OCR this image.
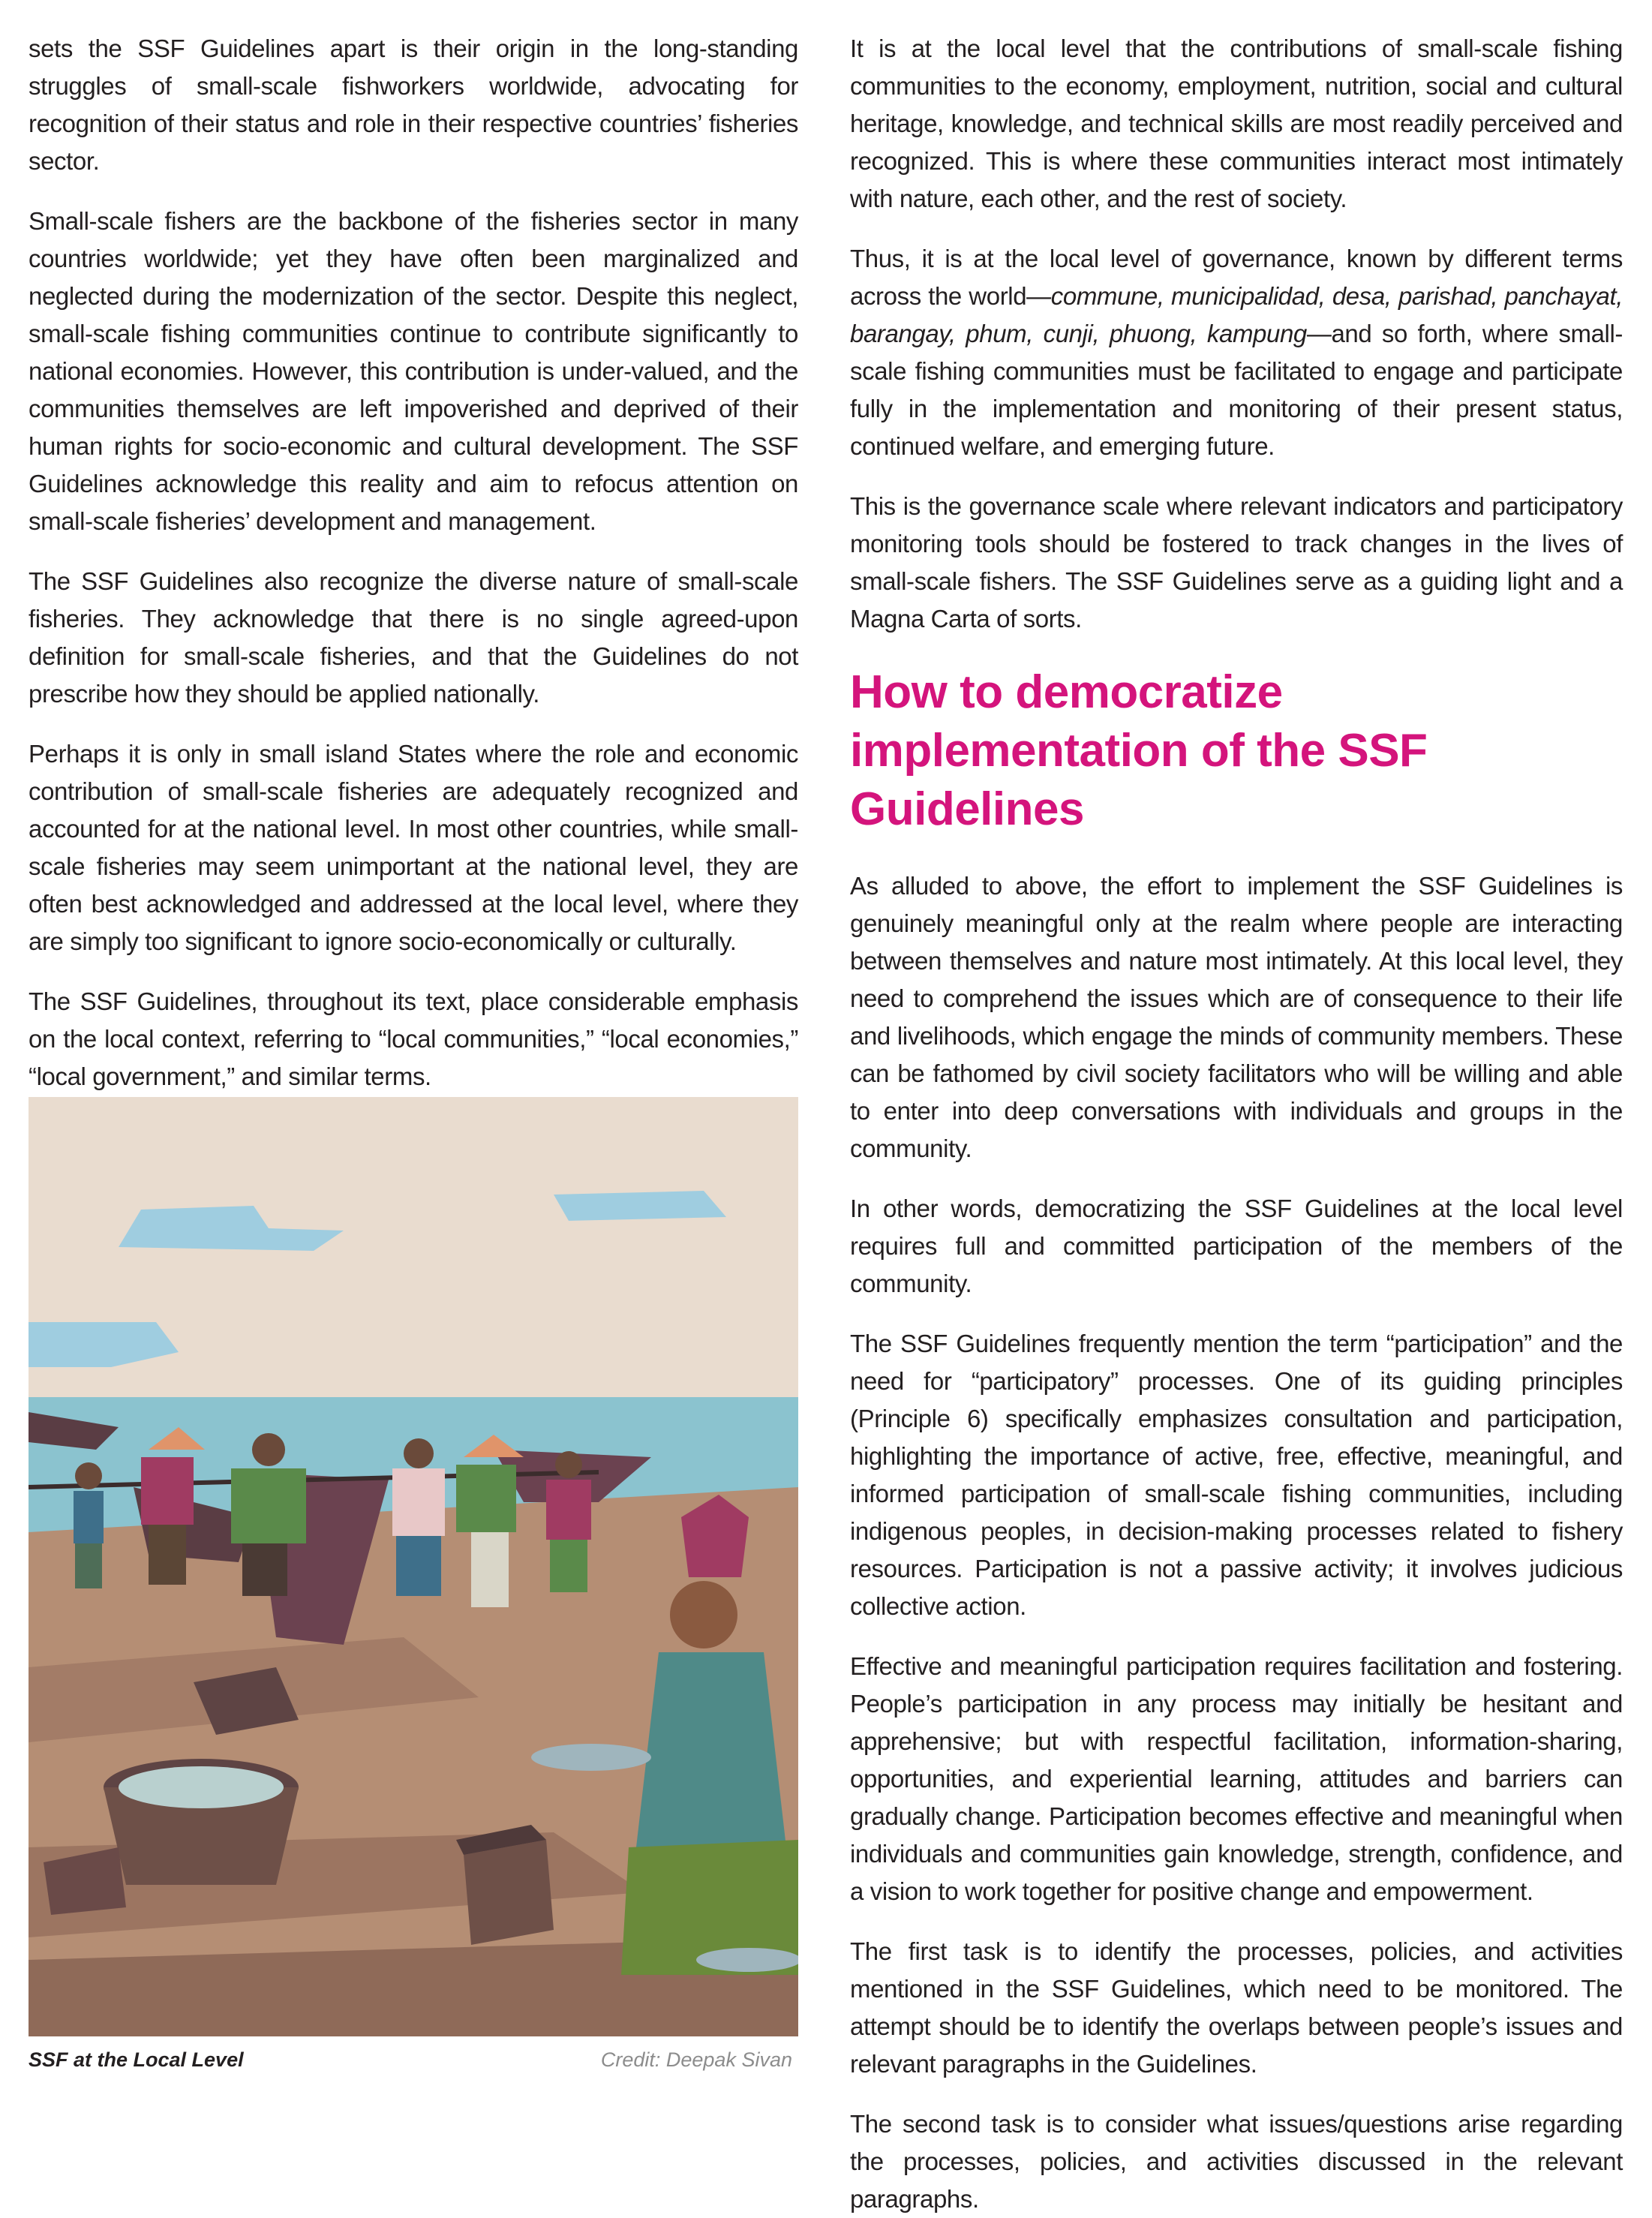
sets the SSF Guidelines apart is their origin in the long-standing struggles of small-scale fishworkers worldwide, advocating for recognition of their status and role in their respective countries’ fisheries sector.

Small-scale fishers are the backbone of the fisheries sector in many countries worldwide; yet they have often been marginalized and neglected during the modernization of the sector. Despite this neglect, small-scale fishing communities continue to contribute significantly to national economies. However, this contribution is under-valued, and the communities themselves are left impoverished and deprived of their human rights for socio-economic and cultural development. The SSF Guidelines acknowledge this reality and aim to refocus attention on small-scale fisheries’ development and management.

The SSF Guidelines also recognize the diverse nature of small-scale fisheries. They acknowledge that there is no single agreed-upon definition for small-scale fisheries, and that the Guidelines do not prescribe how they should be applied nationally.

Perhaps it is only in small island States where the role and economic contribution of small-scale fisheries are adequately recognized and accounted for at the national level. In most other countries, while small-scale fisheries may seem unimportant at the national level, they are often best acknowledged and addressed at the local level, where they are simply too significant to ignore socio-economically or culturally.

The SSF Guidelines, throughout its text, place considerable emphasis on the local context, referring to “local communities,” “local economies,” “local government,” and similar terms.

SSF at the Local Level	Credit: Deepak Sivan

It is at the local level that the contributions of small-scale fishing communities to the economy, employment, nutrition, social and cultural heritage, knowledge, and technical skills are most readily perceived and recognized. This is where these communities interact most intimately with nature, each other, and the rest of society.

Thus, it is at the local level of governance, known by different terms across the world—commune, municipalidad, desa, parishad, panchayat, barangay, phum, cunji, phuong, kampung—and so forth, where small-scale fishing communities must be facilitated to engage and participate fully in the implementation and monitoring of their present status, continued welfare, and emerging future.

This is the governance scale where relevant indicators and participatory monitoring tools should be fostered to track changes in the lives of small-scale fishers. The SSF Guidelines serve as a guiding light and a Magna Carta of sorts.

How to democratize implementation of the SSF Guidelines

As alluded to above, the effort to implement the SSF Guidelines is genuinely meaningful only at the realm where people are interacting between themselves and nature most intimately. At this local level, they need to comprehend the issues which are of consequence to their life and livelihoods, which engage the minds of community members. These can be fathomed by civil society facilitators who will be willing and able to enter into deep conversations with individuals and groups in the community.

In other words, democratizing the SSF Guidelines at the local level requires full and committed participation of the members of the community.

The SSF Guidelines frequently mention the term “participation” and the need for “participatory” processes. One of its guiding principles (Principle 6) specifically emphasizes consultation and participation, highlighting the importance of active, free, effective, meaningful, and informed participation of small-scale fishing communities, including indigenous peoples, in decision-making processes related to fishery resources. Participation is not a passive activity; it involves judicious collective action.

Effective and meaningful participation requires facilitation and fostering. People’s participation in any process may initially be hesitant and apprehensive; but with respectful facilitation, information-sharing, opportunities, and experiential learning, attitudes and barriers can gradually change. Participation becomes effective and meaningful when individuals and communities gain knowledge, strength, confidence, and a vision to work together for positive change and empowerment.

The first task is to identify the processes, policies, and activities mentioned in the SSF Guidelines, which need to be monitored. The attempt should be to identify the overlaps between people’s issues and relevant paragraphs in the Guidelines.

The second task is to consider what issues/questions arise regarding the processes, policies, and activities discussed in the relevant paragraphs.
